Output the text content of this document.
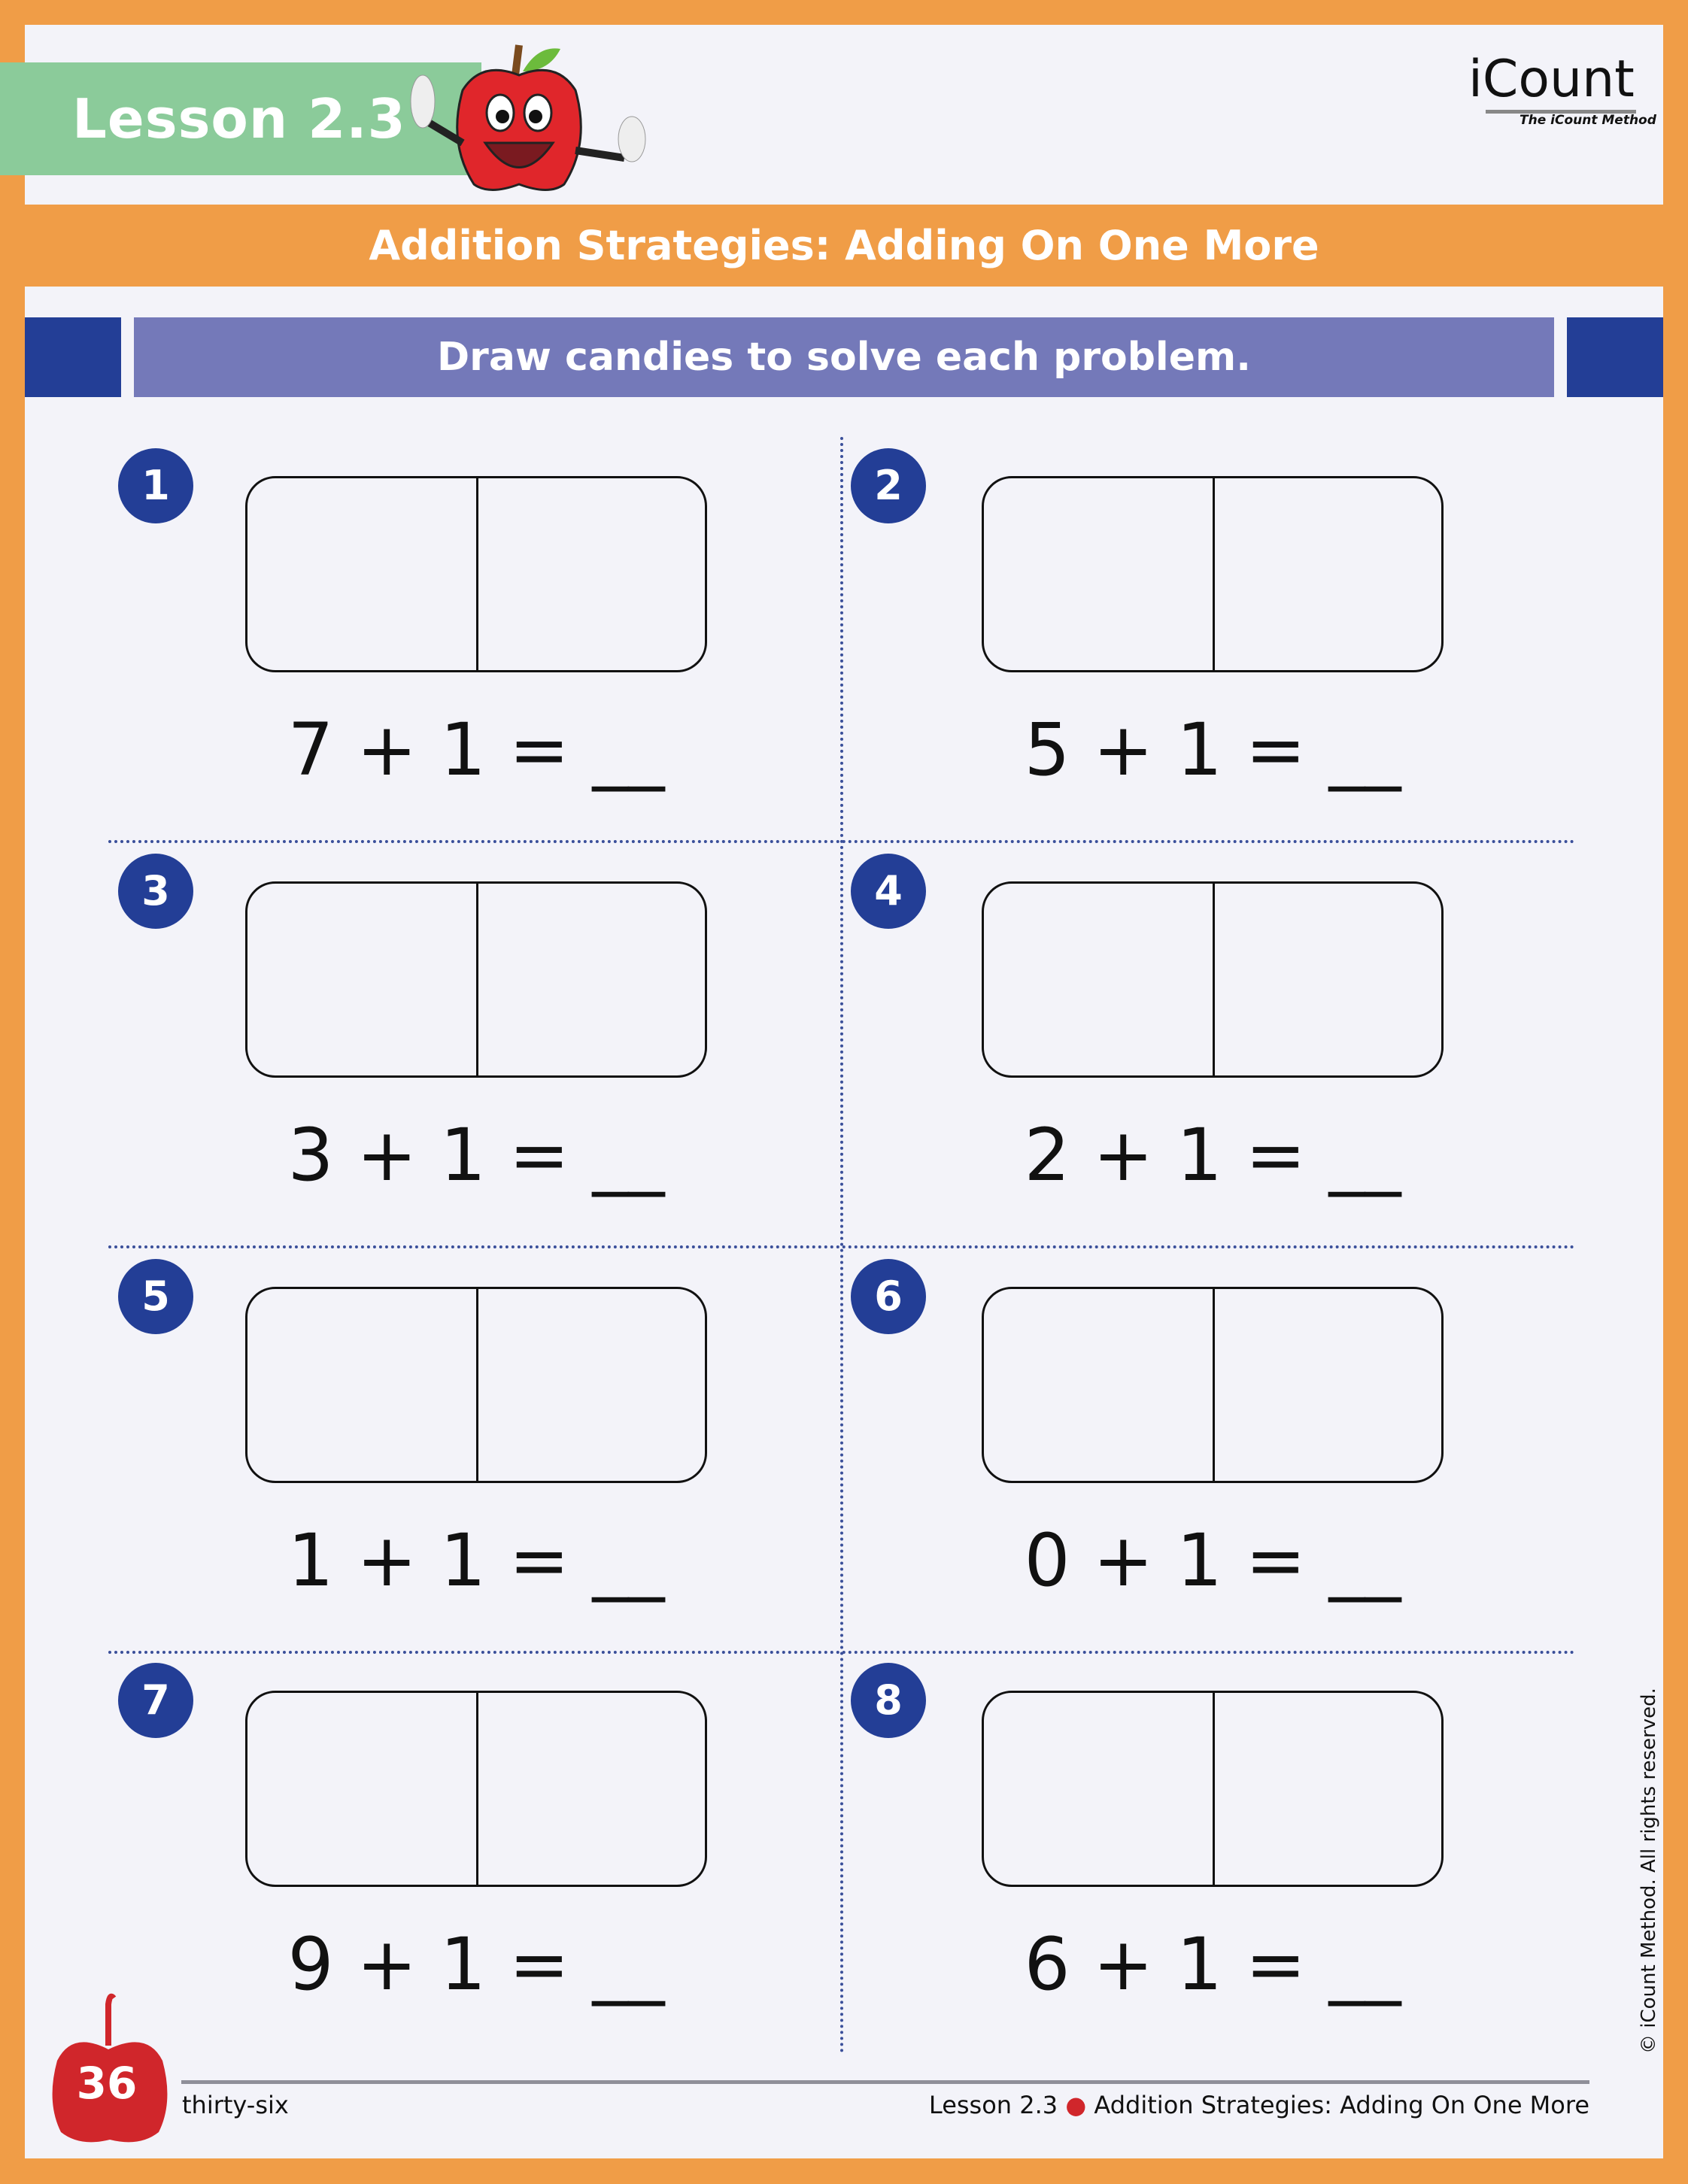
Lesson 2.3
iCount
The iCount Method
Addition Strategies: Adding On One More
Draw candies to solve each problem.
1
7 + 1 = __
2
5 + 1 = __
3
3 + 1 = __
4
2 + 1 = __
5
1 + 1 = __
6
0 + 1 = __
7
9 + 1 = __
8
6 + 1 = __
36	thirty-six	Lesson 2.3 ● Addition Strategies: Adding On One More
© iCount Method. All rights reserved.
